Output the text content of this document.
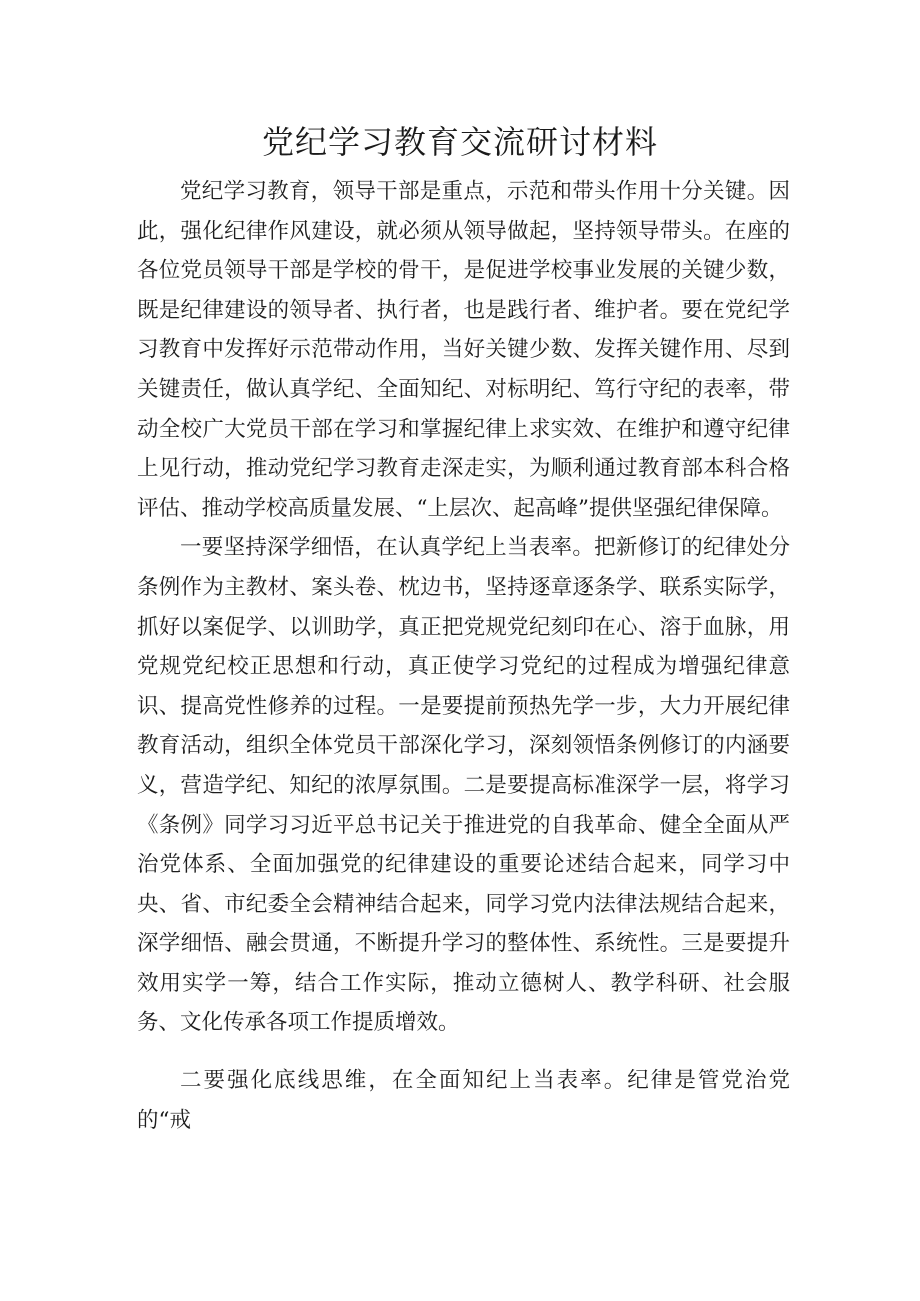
党纪学习教育交流研讨材料

党纪学习教育，领导干部是重点，示范和带头作用十分关键。因此，强化纪律作风建设，就必须从领导做起，坚持领导带头。在座的各位党员领导干部是学校的骨干，是促进学校事业发展的关键少数，既是纪律建设的领导者、执行者，也是践行者、维护者。要在党纪学习教育中发挥好示范带动作用，当好关键少数、发挥关键作用、尽到关键责任，做认真学纪、全面知纪、对标明纪、笃行守纪的表率，带动全校广大党员干部在学习和掌握纪律上求实效、在维护和遵守纪律上见行动，推动党纪学习教育走深走实，为顺利通过教育部本科合格评估、推动学校高质量发展、“上层次、起高峰”提供坚强纪律保障。

一要坚持深学细悟，在认真学纪上当表率。把新修订的纪律处分条例作为主教材、案头卷、枕边书，坚持逐章逐条学、联系实际学，抓好以案促学、以训助学，真正把党规党纪刻印在心、溶于血脉，用党规党纪校正思想和行动，真正使学习党纪的过程成为增强纪律意识、提高党性修养的过程。一是要提前预热先学一步，大力开展纪律教育活动，组织全体党员干部深化学习，深刻领悟条例修订的内涵要义，营造学纪、知纪的浓厚氛围。二是要提高标准深学一层，将学习《条例》同学习习近平总书记关于推进党的自我革命、健全全面从严治党体系、全面加强党的纪律建设的重要论述结合起来，同学习中央、省、市纪委全会精神结合起来，同学习党内法律法规结合起来，深学细悟、融会贯通，不断提升学习的整体性、系统性。三是要提升效用实学一筹，结合工作实际，推动立德树人、教学科研、社会服务、文化传承各项工作提质增效。

二要强化底线思维，在全面知纪上当表率。纪律是管党治党的“戒
